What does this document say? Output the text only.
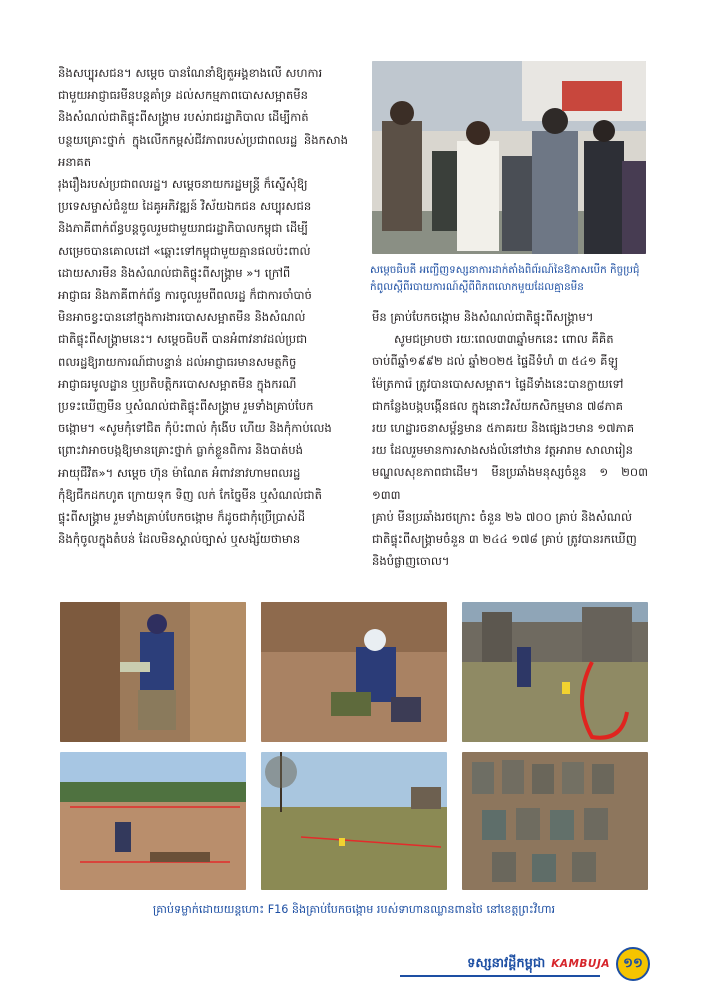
និងសប្បុរសជន។ សម្ដេច បានណែនាំឱ្យតួអង្គខាងលើ សហការ

ជាមួយអាជ្ញាធរមីនបន្តគាំទ្រ ដល់សកម្មភាពបោសសម្អាតមីន

និងសំណល់ជាតិផ្ទុះពីសង្គ្រាម របស់រាជរដ្ឋាភិបាល ដើម្បីកាត់

បន្ថយគ្រោះថ្នាក់ ក្នុងលើកកម្ពស់ជីវភាពរបស់ប្រជាពលរដ្ឋ និងកសាងអនាគត

រុងរឿងរបស់ប្រជាពលរដ្ឋ។ សម្ដេចនាយករដ្ឋមន្ត្រី ក៏ស្នើសុំឱ្យ

ប្រទេសម្ចាស់ជំនួយ ដៃគូអភិវឌ្ឍន៍ វិស័យឯកជន សប្បុរសជន

និងភាគីពាក់ព័ន្ធបន្តចូលរួមជាមួយរាជរដ្ឋាភិបាលកម្ពុជា ដើម្បី

សម្រេចបានគោលដៅ «ឆ្ពោះទៅកម្ពុជាមួយគ្មានផលប៉ះពាល់

ដោយសារមីន និងសំណល់ជាតិផ្ទុះពីសង្គ្រាម »។ ក្រៅពី

អាជ្ញាធរ និងភាគីពាក់ព័ន្ធ ការចូលរួមពីពលរដ្ឋ ក៏ជាការចាំបាច់

មិនអាចខ្វះបាននៅក្នុងការងារបោសសម្អាតមីន និងសំណល់

ជាតិផ្ទុះពីសង្គ្រាមនេះ។ សម្ដេចធិបតី បានអំពាវនាវដល់ប្រជា

ពលរដ្ឋឱ្យរាយការណ៍ជាបន្ទាន់ ដល់អាជ្ញាធរមានសមត្ថកិច្ច

អាជ្ញាធរមូលដ្ឋាន ឬប្រតិបត្តិករបោសសម្អាតមីន ក្នុងករណី

ប្រទះឃើញមីន ឬសំណល់ជាតិផ្ទុះពីសង្គ្រាម រួមទាំងគ្រាប់បែក

ចង្កោម។ «សូមកុំទៅជិត កុំប៉ះពាល់ កុំងើប ហើយ និងកុំកាប់លេង

ព្រោះវាអាចបង្កឱ្យមានគ្រោះថ្នាក់ ធ្លាក់ខ្លួនពិការ និងបាត់បង់

អាយុជីវិត»។ សម្ដេច ហ៊ុន ម៉ាណែត អំពាវនាវហាមពលរដ្ឋ

កុំឱ្យជីកដកហូត ក្រោយទុក ទិញ លក់ កែច្នៃមីន ឬសំណល់ជាតិ

ផ្ទុះពីសង្គ្រាម រួមទាំងគ្រាប់បែកចង្កោម ក៏ដូចជាកុំប្រើប្រាស់ដី

និងកុំចូលក្នុងតំបន់ ដែលមិនស្គាល់ច្បាស់ ឬសង្ស័យថាមាន

សម្ដេចធិបតី អញ្ជើញទស្សនាការដាក់តាំងពិព័រណ៍នៃឱកាសបើក កិច្ចប្រជុំកំពូលស្ដីពីរបាយការណ៍ស្ដីពីពិភពលោកមួយដែលគ្មានមីន

មីន គ្រាប់បែកចង្កោម និងសំណល់ជាតិផ្ទុះពីសង្គ្រាម។

សូមជម្រាបថា រយៈពេល៣៣ឆ្នាំមកនេះ ពោល គឺគិត

ចាប់ពីឆ្នាំ១៩៩២ ដល់ ឆ្នាំ២០២៥ ផ្ទៃដីទំហំ ៣ ៥៤១ គីឡូ

ម៉ែត្រការ៉េ ត្រូវបានបោសសម្អាត។ ផ្ទៃដីទាំងនេះបានក្លាយទៅ

ជាកន្លែងបង្កបង្កើនផល ក្នុងនោះវិស័យកសិកម្មមាន ៧៨ភាគ

រយ ហេដ្ឋារចនាសម្ព័ន្ធមាន ៥ភាគរយ និងផ្សេងៗមាន ១៧ភាគ

រយ ដែលរួមមានការសាងសង់លំនៅឋាន វត្តអារាម សាលារៀន

មណ្ឌលសុខភាពជាដើម។ មីនប្រឆាំងមនុស្សចំនួន ១ ២០៣ ១៣៣

គ្រាប់ មីនប្រឆាំងរថក្រោះ ចំនួន ២៦ ៧០០ គ្រាប់ និងសំណល់

ជាតិផ្ទុះពីសង្គ្រាមចំនួន ៣ ២៤៤ ១៧៨ គ្រាប់ ត្រូវបានរកឃើញ

និងបំផ្លាញចោល។

គ្រាប់ទម្លាក់ដោយយន្តហោះ F16 និងគ្រាប់បែកចង្កោម របស់ទាហានឈ្លានពានថៃ នៅខេត្តព្រះវិហារ
ទស្សនាវដ្ដីកម្ពុជា KAMBUJA	១១
